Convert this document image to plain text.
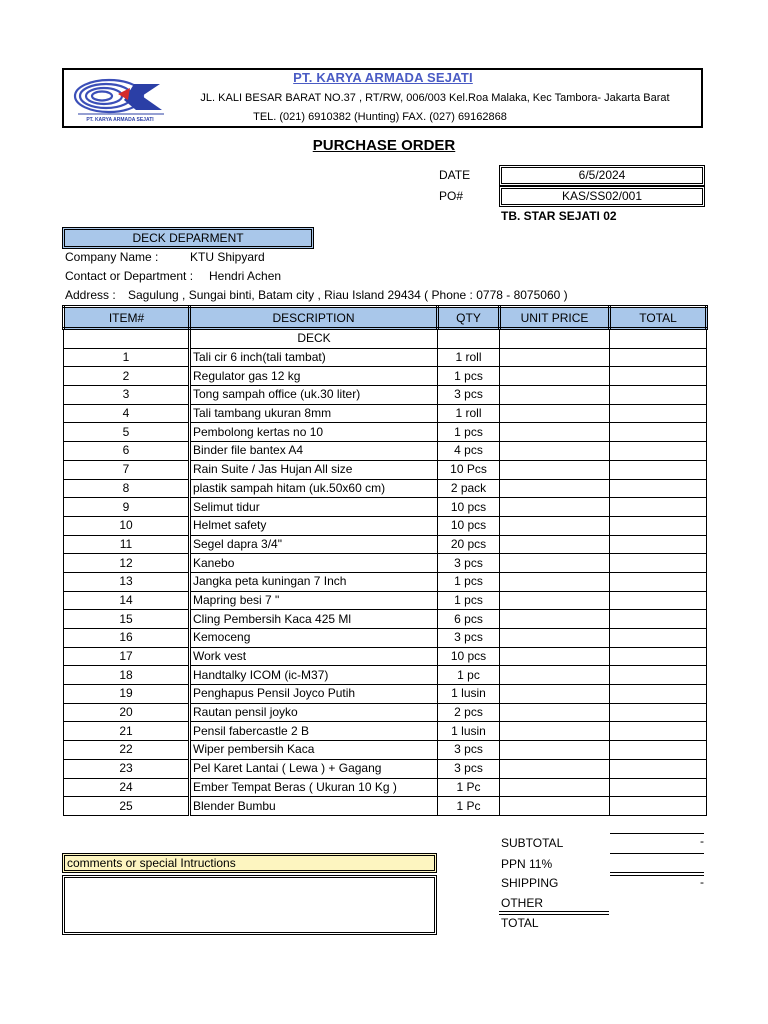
PT. KARYA ARMADA SEJATI
PT. KARYA ARMADA SEJATI
JL. KALI BESAR BARAT NO.37 , RT/RW, 006/003 Kel.Roa Malaka, Kec Tambora- Jakarta Barat
TEL. (021) 6910382 (Hunting) FAX. (027) 69162868
PURCHASE ORDER
DATE	6/5/2024
PO#	KAS/SS02/001
TB. STAR SEJATI 02
DECK DEPARMENT
Company Name :	KTU Shipyard
Contact or Department : Hendri Achen
Address : Sagulung , Sungai binti, Batam city , Riau Island 29434 ( Phone : 0778 - 8075060 )
ITEM#	DESCRIPTION	QTY	UNIT PRICE	TOTAL
	DECK			
1	Tali cir 6 inch(tali tambat)	1 roll		
2	Regulator gas 12 kg	1 pcs		
3	Tong sampah office (uk.30 liter)	3 pcs		
4	Tali tambang ukuran 8mm	1 roll		
5	Pembolong kertas no 10	1 pcs		
6	Binder file bantex A4	4 pcs		
7	Rain Suite / Jas Hujan All size	10 Pcs		
8	plastik sampah hitam (uk.50x60 cm)	2 pack		
9	Selimut tidur	10 pcs		
10	Helmet safety	10 pcs		
11	Segel dapra 3/4"	20 pcs		
12	Kanebo	3 pcs		
13	Jangka peta kuningan 7 Inch	1 pcs		
14	Mapring besi 7 "	1 pcs		
15	Cling Pembersih Kaca 425 Ml	6 pcs		
16	Kemoceng	3 pcs		
17	Work vest	10 pcs		
18	Handtalky ICOM (ic-M37)	1 pc		
19	Penghapus Pensil Joyco Putih	1 lusin		
20	Rautan pensil joyko	2 pcs		
21	Pensil fabercastle 2 B	1 lusin		
22	Wiper pembersih Kaca	3 pcs		
23	Pel Karet Lantai ( Lewa ) + Gagang	3 pcs		
24	Ember Tempat Beras ( Ukuran 10 Kg )	1 Pc		
25	Blender Bumbu	1 Pc		
SUBTOTAL	-
PPN 11%
SHIPPING	-
OTHER
TOTAL
comments or special Intructions
